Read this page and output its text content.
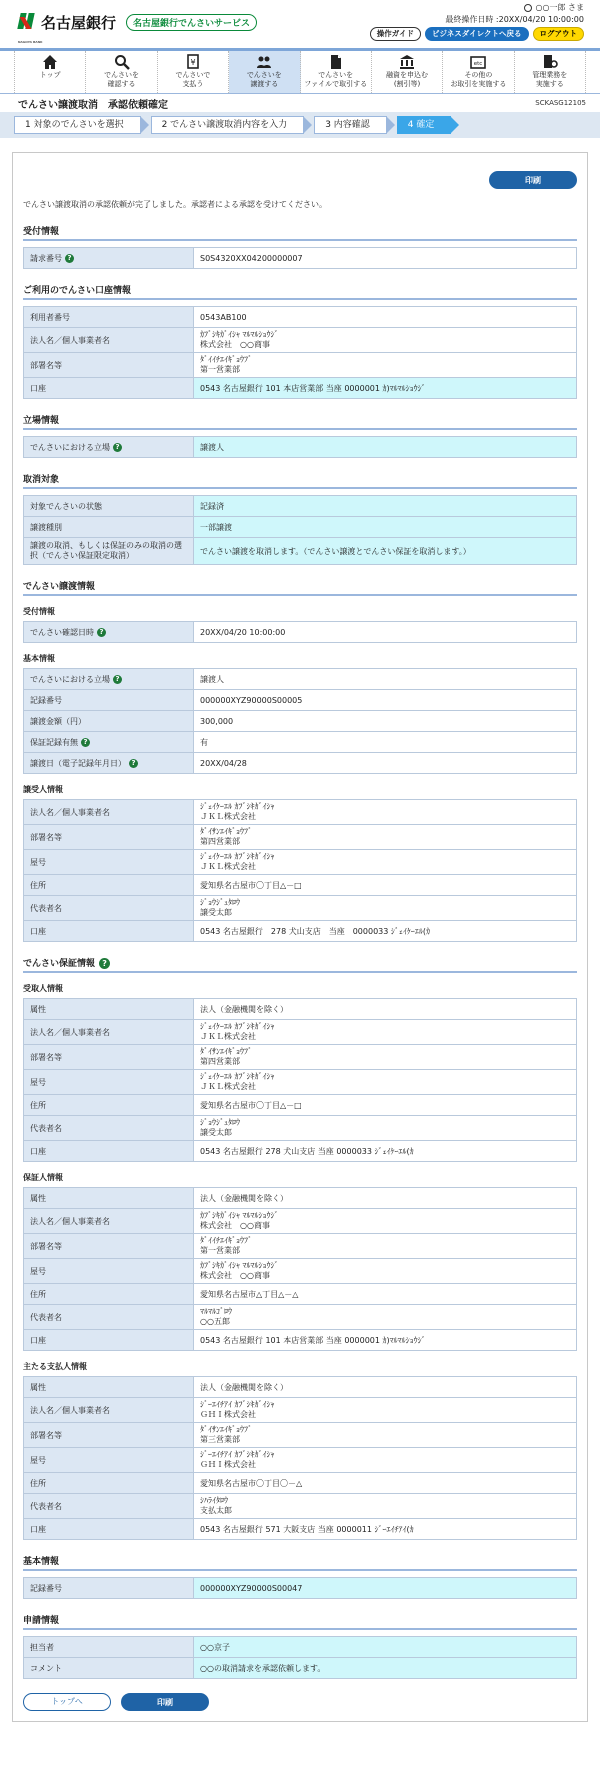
NAGOYA BANK
名古屋銀行	名古屋銀行でんさいサービス
○○一郎 さま
最終操作日時 :20XX/04/20 10:00:00
操作ガイド	ビジネスダイレクトへ戻る	ログアウト
トップ	でんさいを
確認する
¥
でんさいで
支払う
でんさいを
譲渡する
でんさいを
ファイルで取引する
融資を申込む
(割引等)
etc
その他の
お取引を実施する
管理業務を
実施する
でんさい譲渡取消　承認依頼確定	SCKASG12105
1 対象のでんさいを選択	2 でんさい譲渡取消内容を入力	3 内容確認	4 確定
印刷
でんさい譲渡取消の承認依頼が完了しました。承認者による承認を受けてください。
受付情報
請求番号 ?	S0S4320XX04200000007
ご利用のでんさい口座情報
利用者番号	0543AB100
法人名／個人事業者名	ｶﾌﾞｼｷｶﾞｲｼｬ ﾏﾙﾏﾙｼｮｳｼﾞ
株式会社　○○商事

部署名等	ﾀﾞｲｲﾁｴｲｷﾞｮｳﾌﾞ
第一営業部

口座	0543 名古屋銀行 101 本店営業部 当座 0000001 ｶ)ﾏﾙﾏﾙｼｮｳｼﾞ
立場情報
でんさいにおける立場 ?	譲渡人
取消対象
対象でんさいの状態	記録済
譲渡種別	一部譲渡
譲渡の取消、もしくは保証のみの取消の選択（でんさい保証限定取消）	でんさい譲渡を取消します。（でんさい譲渡とでんさい保証を取消します。）
でんさい譲渡情報
受付情報
でんさい確認日時 ?	20XX/04/20 10:00:00
基本情報
でんさいにおける立場 ?	譲渡人
記録番号	000000XYZ90000S00005
譲渡金額（円）	300,000
保証記録有無 ?	有
譲渡日（電子記録年月日） ?	20XX/04/28
譲受人情報
法人名／個人事業者名	ｼﾞｪｲｹｰｴﾙ ｶﾌﾞｼｷｶﾞｲｼｬ
ＪＫＬ株式会社

部署名等	ﾀﾞｲｻﾝｴｲｷﾞｮｳﾌﾞ
第四営業部

屋号	ｼﾞｪｲｹｰｴﾙ ｶﾌﾞｼｷｶﾞｲｼｬ
ＪＫＬ株式会社

住所	愛知県名古屋市〇丁目△－□
代表者名	ｼﾞｮｳｼﾞｭﾀﾛｳ
譲受太郎

口座	0543 名古屋銀行　278 犬山支店　当座　0000033 ｼﾞｪｲｹｰｴﾙ(ｶ
でんさい保証情報 ?
受取人情報
属性	法人（金融機関を除く）
法人名／個人事業者名	ｼﾞｪｲｹｰｴﾙ ｶﾌﾞｼｷｶﾞｲｼｬ
ＪＫＬ株式会社

部署名等	ﾀﾞｲｻﾝｴｲｷﾞｮｳﾌﾞ
第四営業部

屋号	ｼﾞｪｲｹｰｴﾙ ｶﾌﾞｼｷｶﾞｲｼｬ
ＪＫＬ株式会社

住所	愛知県名古屋市〇丁目△－□
代表者名	ｼﾞｮｳｼﾞｭﾀﾛｳ
譲受太郎

口座	0543 名古屋銀行 278 犬山支店 当座 0000033 ｼﾞｪｲｹｰｴﾙ(ｶ
保証人情報
属性	法人（金融機関を除く）
法人名／個人事業者名	ｶﾌﾞｼｷｶﾞｲｼｬ ﾏﾙﾏﾙｼｮｳｼﾞ
株式会社　○○商事

部署名等	ﾀﾞｲｲﾁｴｲｷﾞｮｳﾌﾞ
第一営業部

屋号	ｶﾌﾞｼｷｶﾞｲｼｬ ﾏﾙﾏﾙｼｮｳｼﾞ
株式会社　○○商事

住所	愛知県名古屋市△丁目△－△
代表者名	ﾏﾙﾏﾙｺﾞﾛｳ
○○五郎

口座	0543 名古屋銀行 101 本店営業部 当座 0000001 ｶ)ﾏﾙﾏﾙｼｮｳｼﾞ
主たる支払人情報
属性	法人（金融機関を除く）
法人名／個人事業者名	ｼﾞｰｴｲﾁｱｲ ｶﾌﾞｼｷｶﾞｲｼｬ
ＧＨＩ株式会社

部署名等	ﾀﾞｲｻﾝｴｲｷﾞｮｳﾌﾞ
第三営業部

屋号	ｼﾞｰｴｲﾁｱｲ ｶﾌﾞｼｷｶﾞｲｼｬ
ＧＨＩ株式会社

住所	愛知県名古屋市〇丁目〇－△
代表者名	ｼﾊﾗｲﾀﾛｳ
支払太郎

口座	0543 名古屋銀行 571 大阪支店 当座 0000011 ｼﾞｰｴｲﾁｱｲ(ｶ
基本情報
記録番号	000000XYZ90000S00047
申請情報
担当者	○○京子
コメント	○○の取消請求を承認依頼します。
トップへ	印刷
